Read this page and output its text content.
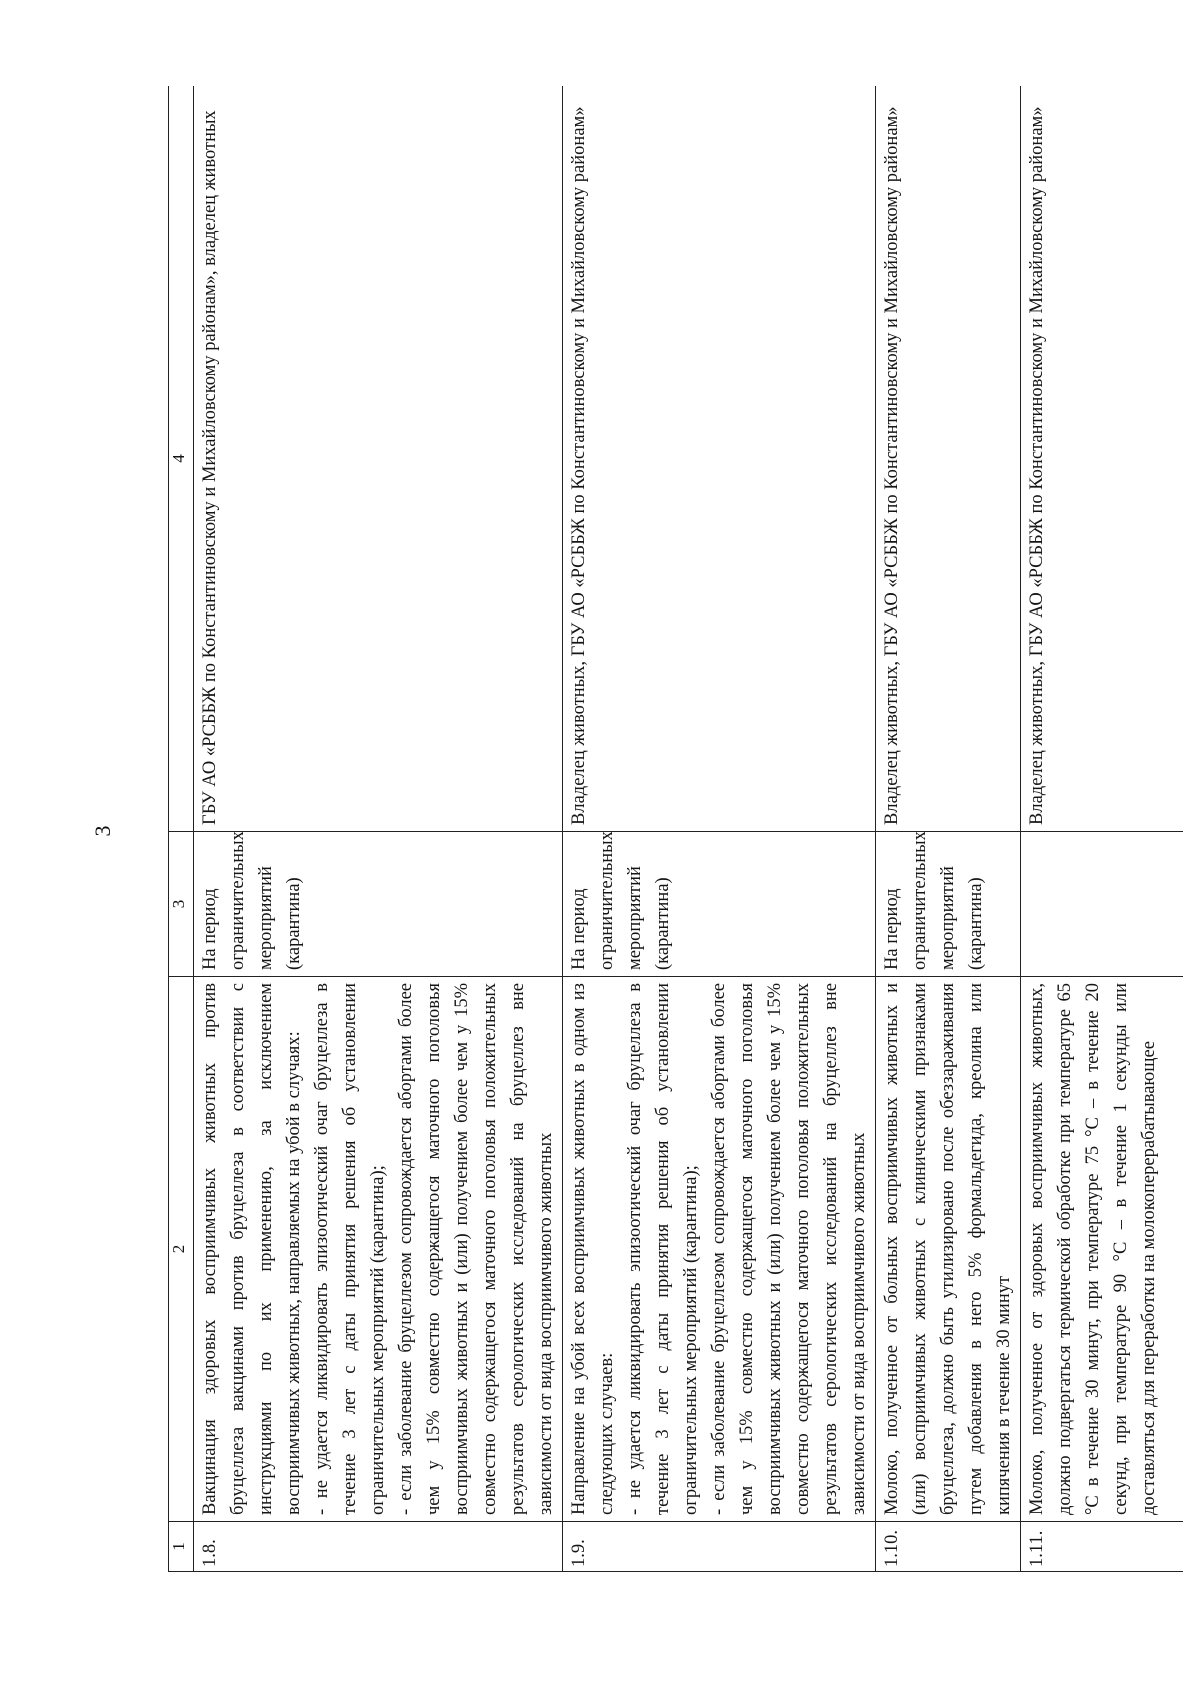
3
1	2	3	4
1.8.	Вакцинация здоровых восприимчивых животных против бруцеллеза вакцинами против бруцеллеза в соответствии с инструкциями по их применению, за исключением восприимчивых животных, направляемых на убой в случаях: - не удается ликвидировать эпизоотический очаг бруцеллеза в течение 3 лет с даты принятия решения об установлении ограничительных мероприятий (карантина); - если заболевание бруцеллезом сопровождается абортами более чем у 15% совместно содержащегося маточного поголовья восприимчивых животных и (или) получением более чем у 15% совместно содержащегося маточного поголовья положительных результатов серологических исследований на бруцеллез вне зависимости от вида восприимчивого животных	На период ограничительных мероприятий (карантина)	ГБУ АО «РСББЖ по Константиновскому и Михайловскому районам», владелец животных
1.9.	Направление на убой всех восприимчивых животных в одном из следующих случаев: - не удается ликвидировать эпизоотический очаг бруцеллеза в течение 3 лет с даты принятия решения об установлении ограничительных мероприятий (карантина); - если заболевание бруцеллезом сопровождается абортами более чем у 15% совместно содержащегося маточного поголовья восприимчивых животных и (или) получением более чем у 15% совместно содержащегося маточного поголовья положительных результатов серологических исследований на бруцеллез вне зависимости от вида восприимчивого животных	На период ограничительных мероприятий (карантина)	Владелец животных, ГБУ АО «РСББЖ по Константиновскому и Михайловскому районам»
1.10.	Молоко, полученное от больных восприимчивых животных и (или) восприимчивых животных с клиническими признаками бруцеллеза, должно быть утилизировано после обеззараживания путем добавления в него 5% формальдегида, креолина или кипячения в течение 30 минут	На период ограничительных мероприятий (карантина)	Владелец животных, ГБУ АО «РСББЖ по Константиновскому и Михайловскому районам»
1.11.	Молоко, полученное от здоровых восприимчивых животных, должно подвергаться термической обработке при температуре 65 °С в течение 30 минут, при температуре 75 °С – в течение 20 секунд, при температуре 90 °С – в течение 1 секунды или доставляться для переработки на молокоперерабатывающее		Владелец животных, ГБУ АО «РСББЖ по Константиновскому и Михайловскому районам»
